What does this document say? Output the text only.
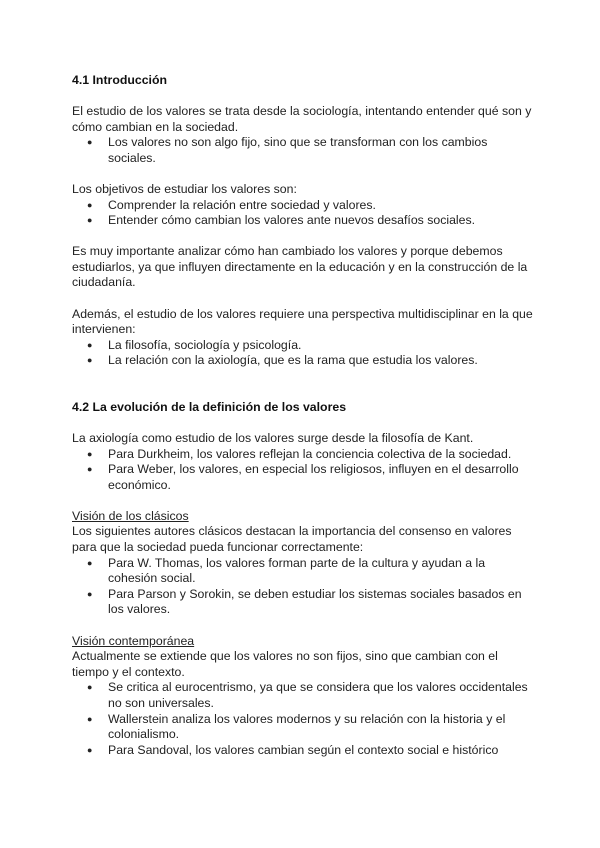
4.1 Introducción

El estudio de los valores se trata desde la sociología, intentando entender qué son y cómo cambian en la sociedad.

● Los valores no son algo fijo, sino que se transforman con los cambios sociales.

Los objetivos de estudiar los valores son:

● Comprender la relación entre sociedad y valores.
● Entender cómo cambian los valores ante nuevos desafíos sociales.

Es muy importante analizar cómo han cambiado los valores y porque debemos estudiarlos, ya que influyen directamente en la educación y en la construcción de la ciudadanía.

Además, el estudio de los valores requiere una perspectiva multidisciplinar en la que intervienen:

● La filosofía, sociología y psicología.
● La relación con la axiología, que es la rama que estudia los valores.
4.2 La evolución de la definición de los valores

La axiología como estudio de los valores surge desde la filosofía de Kant.

● Para Durkheim, los valores reflejan la conciencia colectiva de la sociedad.
● Para Weber, los valores, en especial los religiosos, influyen en el desarrollo económico.

Visión de los clásicos

Los siguientes autores clásicos destacan la importancia del consenso en valores para que la sociedad pueda funcionar correctamente:

● Para W. Thomas, los valores forman parte de la cultura y ayudan a la cohesión social.
● Para Parson y Sorokin, se deben estudiar los sistemas sociales basados en los valores.

Visión contemporánea

Actualmente se extiende que los valores no son fijos, sino que cambian con el tiempo y el contexto.

● Se critica al eurocentrismo, ya que se considera que los valores occidentales no son universales.
● Wallerstein analiza los valores modernos y su relación con la historia y el colonialismo.
● Para Sandoval, los valores cambian según el contexto social e histórico
